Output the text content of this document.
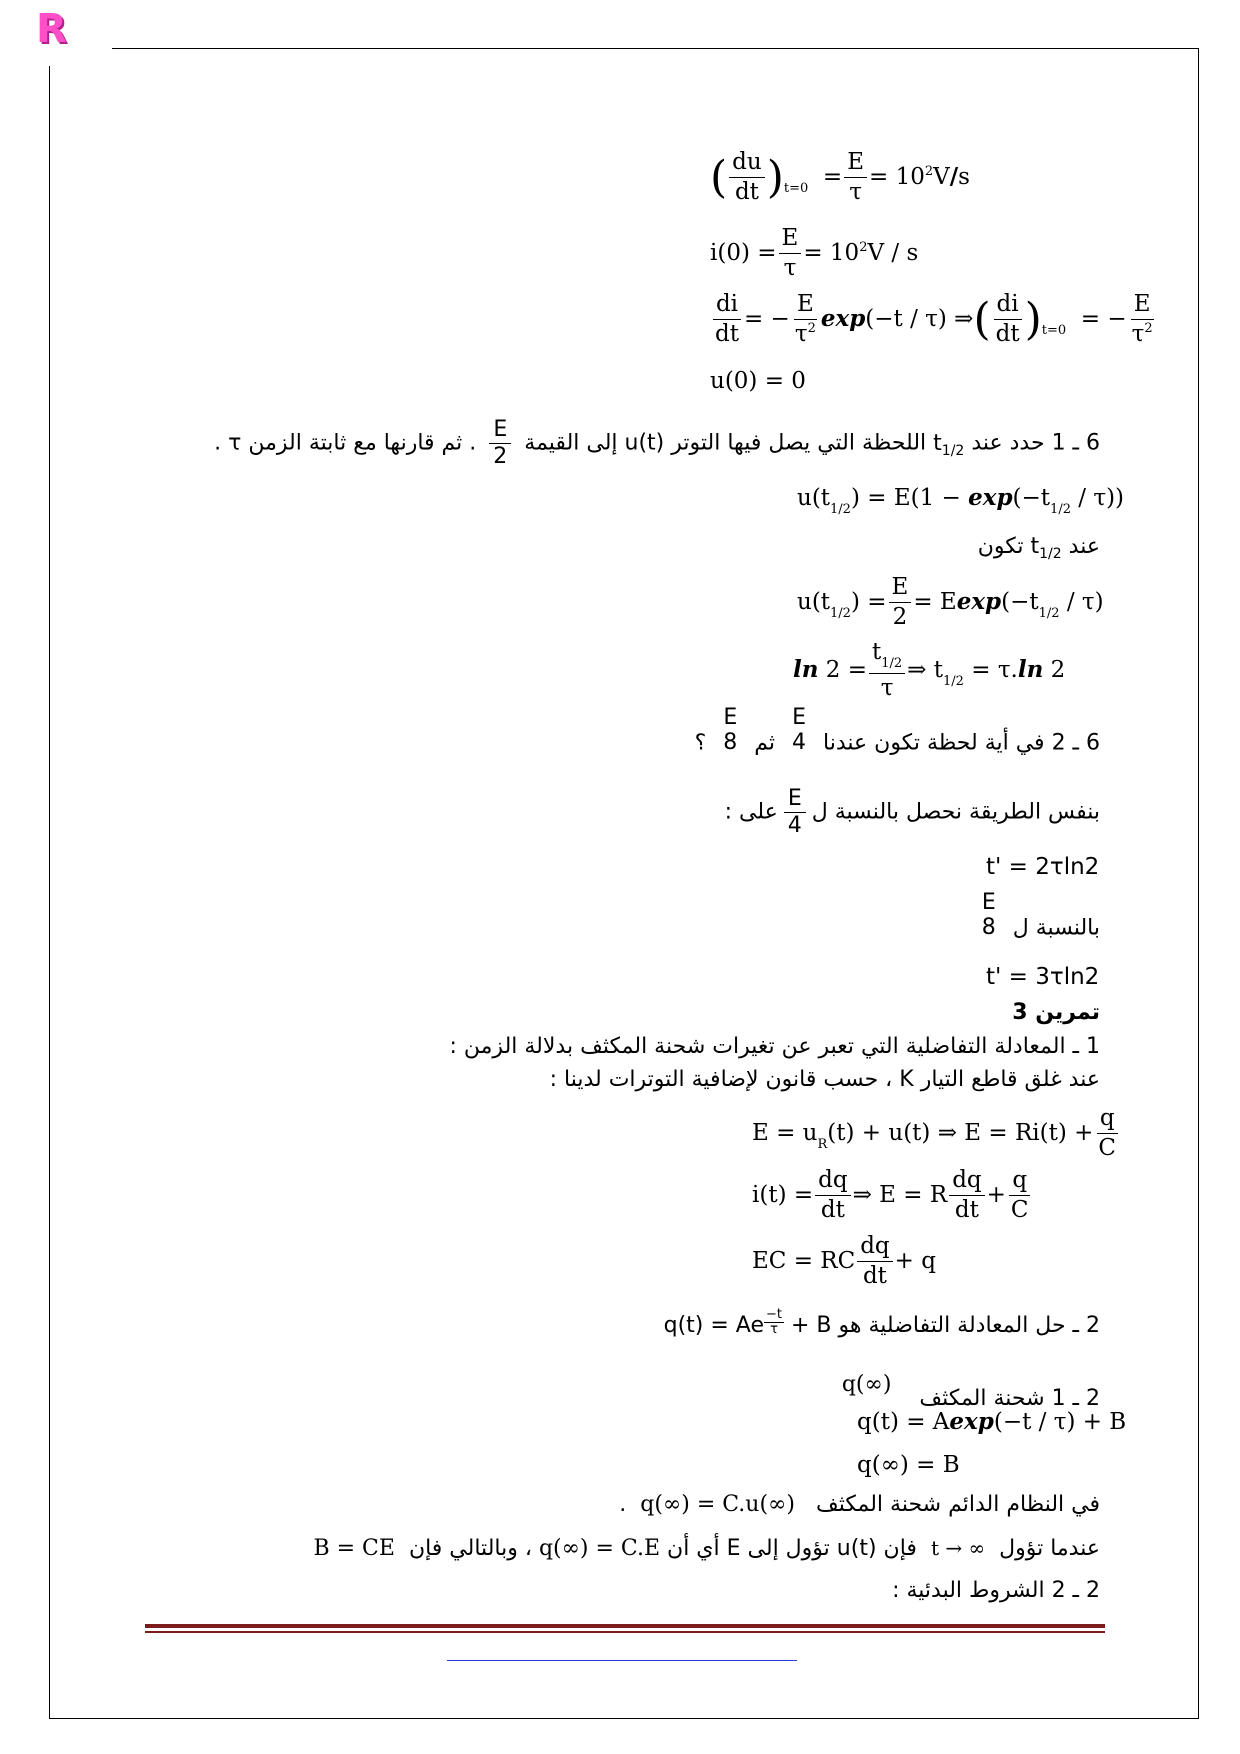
R
( $\frac{du}{dt} )_{t=0} = \frac{E}{\tau} = 10^2V/s$
$i(0) = \frac{E}{\tau} = 10^2V / s$
$\frac{di}{dt}$ = − $\frac{E}{\tau^2} \exp(-t / \tau)$ ⇒( $\frac{di}{dt} )_{t=0}$ = − $\frac{E}{\tau^2}$
u(0) = 0
6 ـ 1 حدد عند $t_{1/2}$ اللحظة التي يصل فيها التوتر u(t) إلى القيمة
$\frac{E}{2}$
. ثم قارنها مع ثابتة الزمن τ .
$u(t_{1/2}) = E(1 - \exp(-t_{1/2} / \tau))$
عند $t_{1/2}$ تكون
$u(t_{1/2}) = \frac{E}{2} = Eexp(-t_{1/2} / \tau)$
$\ln 2 = \frac{t_{1/2}}{\tau}$ ⇒ $t_{1/2} = \tau.\ln$ 2
6 ـ 2 في أية لحظة تكون عندنا
E
4
ثم
E
8
؟
بنفس الطريقة نحصل بالنسبة ل
$\frac{E}{4}$
على :
t' = 2τln2
بالنسبة ل
E
8
t' = 3τln2
تمرين 3
1 ـ المعادلة التفاضلية التي تعبر عن تغيرات شحنة المكثف بدلالة الزمن :
عند غلق قاطع التيار K ، حسب قانون لإضافية التوترات لدينا :
$E = u_R(t) + u(t)$ ⇒ $E = Ri(t) + \frac{q}{C}$
$i(t) = \frac{dq}{dt}$ ⇒ E = R $\frac{dq}{dt} + \frac{q}{C}$
EC = RC $\frac{dq}{dt} + q$
2 ـ حل المعادلة التفاضلية هو q(t) = Ae $\frac{-t}{\tau} + B$
2 ـ 1 شحنة المكثف    q(∞)
q(t) = Aexp(−t / τ) + B
q(∞) = B
في النظام الدائم شحنة المكثف   q(∞) = C.u(∞)  .
عندما تؤول  t → ∞  فإن u(t) تؤول إلى E أي أن q(∞) = C.E ، وبالتالي فإن  B = CE
2 ـ 2 الشروط البدئية :
